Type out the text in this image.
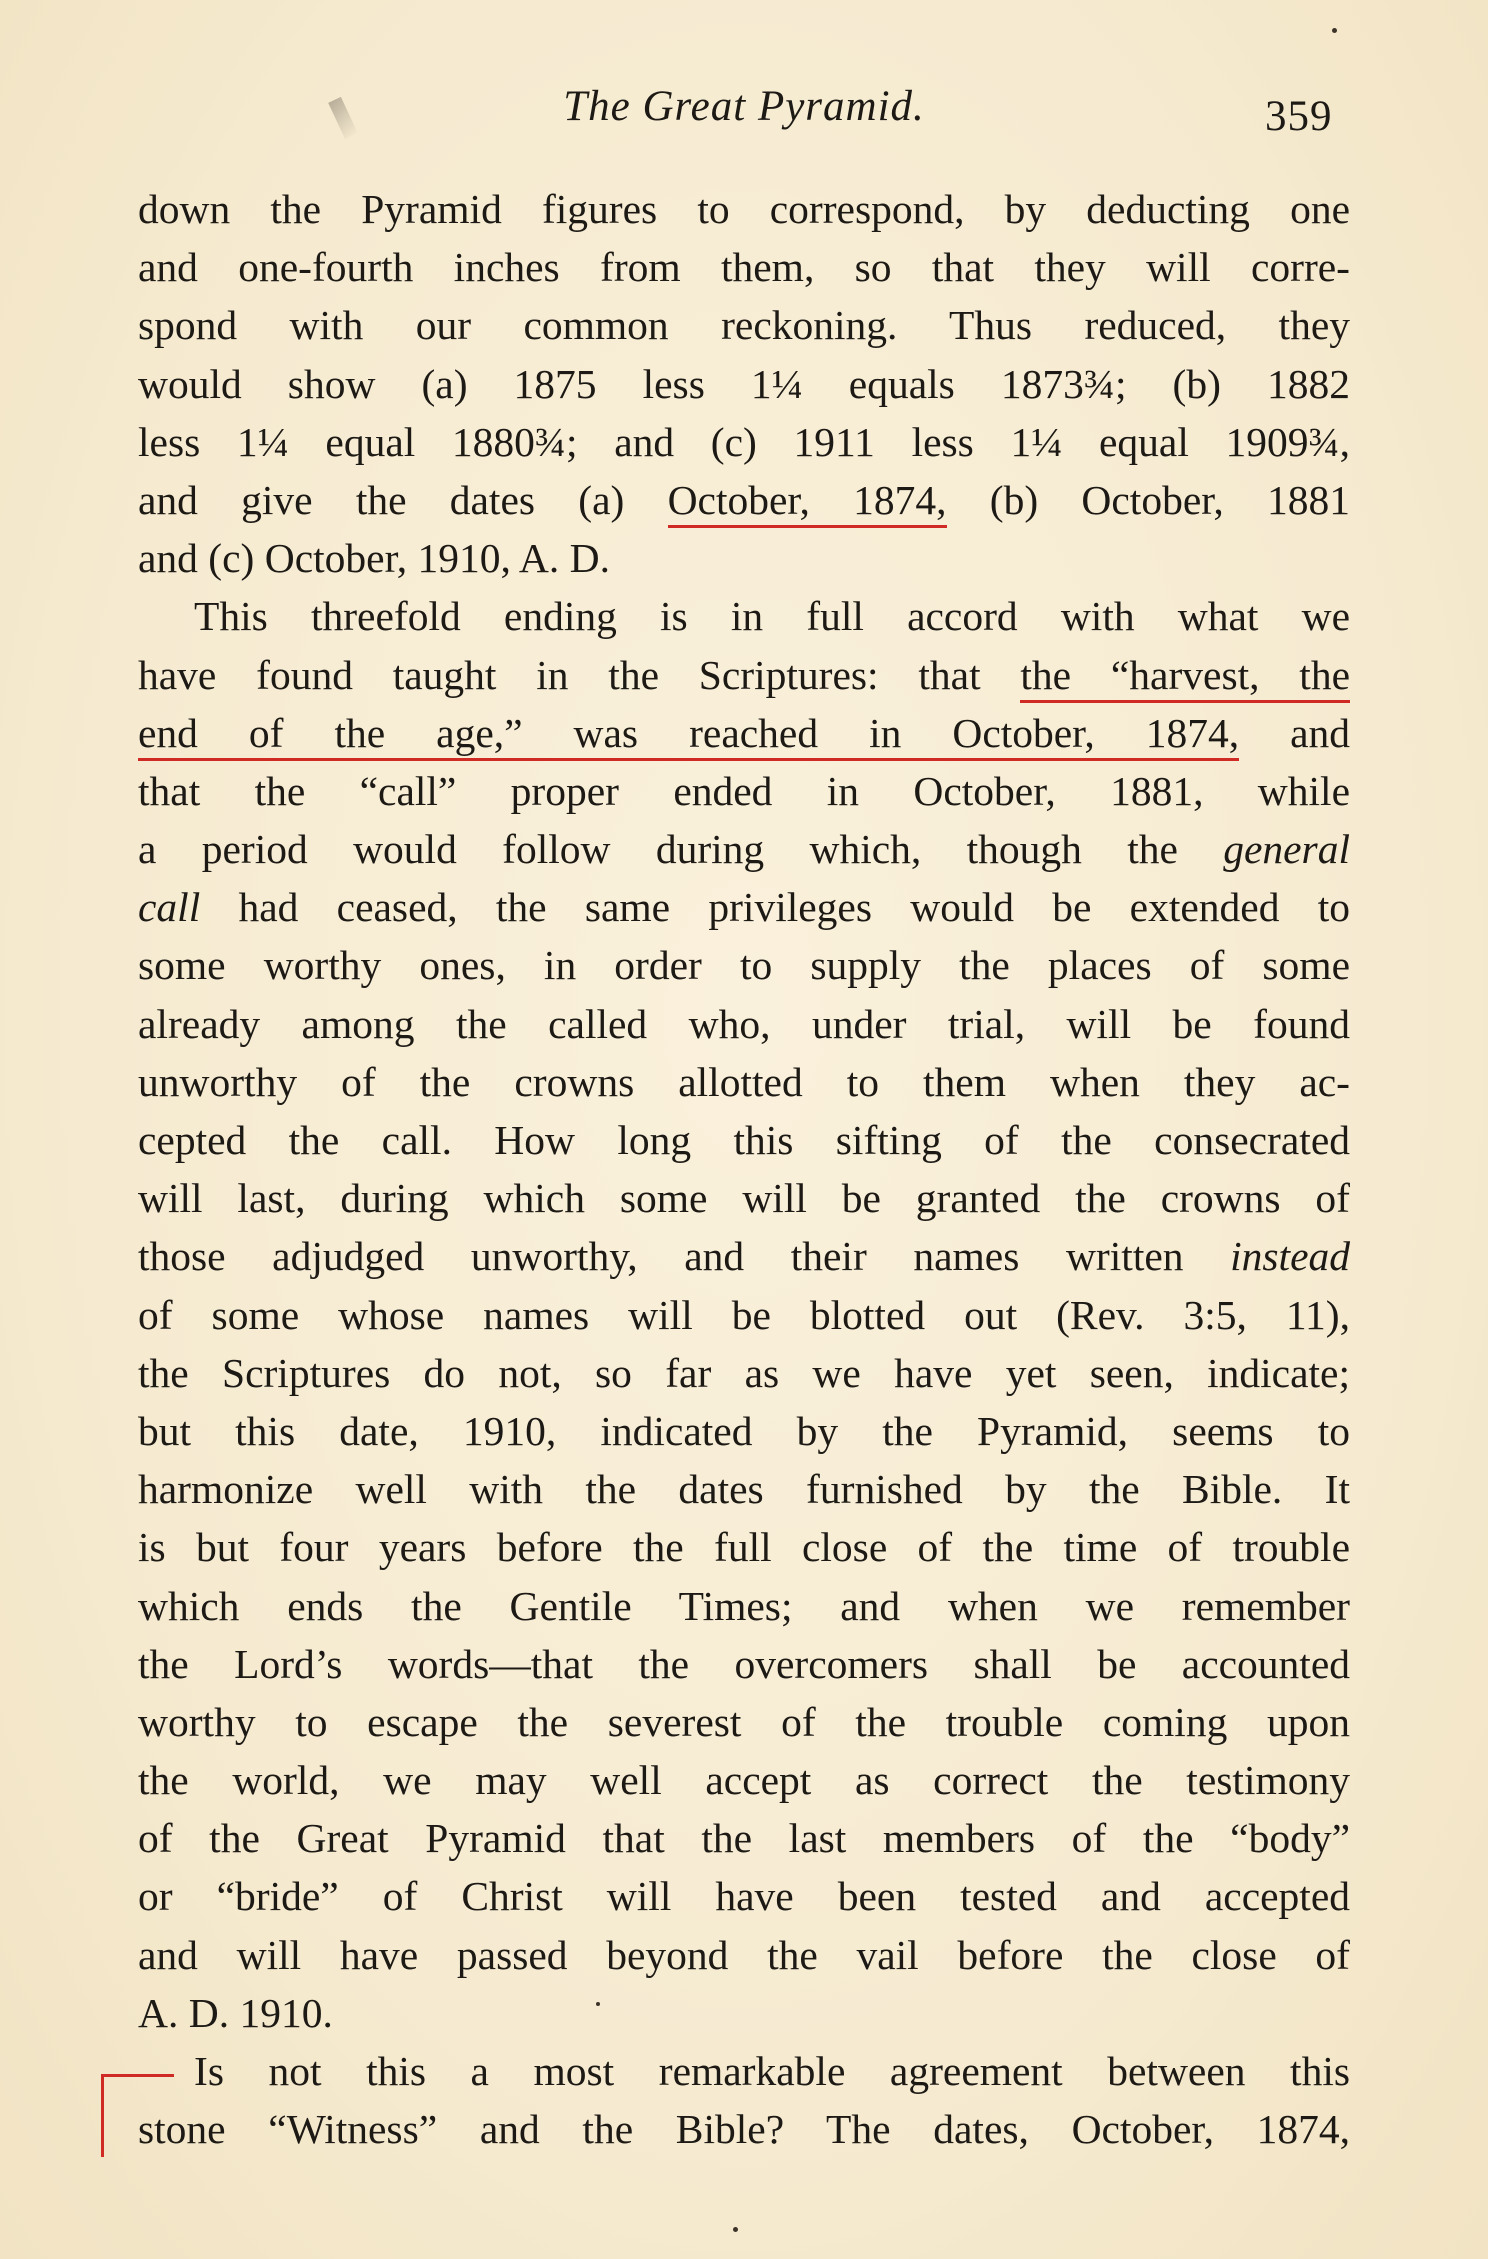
The Great Pyramid.	359
down the Pyramid figures to correspond, by deducting one
and one-fourth inches from them, so that they will corre-
spond with our common reckoning. Thus reduced, they
would show (a) 1875 less 1¼ equals 1873¾; (b) 1882
less 1¼ equal 1880¾; and (c) 1911 less 1¼ equal 1909¾,
and give the dates (a) October, 1874, (b) October, 1881
and (c) October, 1910, A. D.
This threefold ending is in full accord with what we
have found taught in the Scriptures: that the “harvest, the
end of the age,” was reached in October, 1874, and
that the “call” proper ended in October, 1881, while
a period would follow during which, though the general
call had ceased, the same privileges would be extended to
some worthy ones, in order to supply the places of some
already among the called who, under trial, will be found
unworthy of the crowns allotted to them when they ac-
cepted the call. How long this sifting of the consecrated
will last, during which some will be granted the crowns of
those adjudged unworthy, and their names written instead
of some whose names will be blotted out (Rev. 3:5, 11),
the Scriptures do not, so far as we have yet seen, indicate;
but this date, 1910, indicated by the Pyramid, seems to
harmonize well with the dates furnished by the Bible. It
is but four years before the full close of the time of trouble
which ends the Gentile Times; and when we remember
the Lord’s words—that the overcomers shall be accounted
worthy to escape the severest of the trouble coming upon
the world, we may well accept as correct the testimony
of the Great Pyramid that the last members of the “body”
or “bride” of Christ will have been tested and accepted
and will have passed beyond the vail before the close of
A. D. 1910.
Is not this a most remarkable agreement between this
stone “Witness” and the Bible? The dates, October, 1874,
